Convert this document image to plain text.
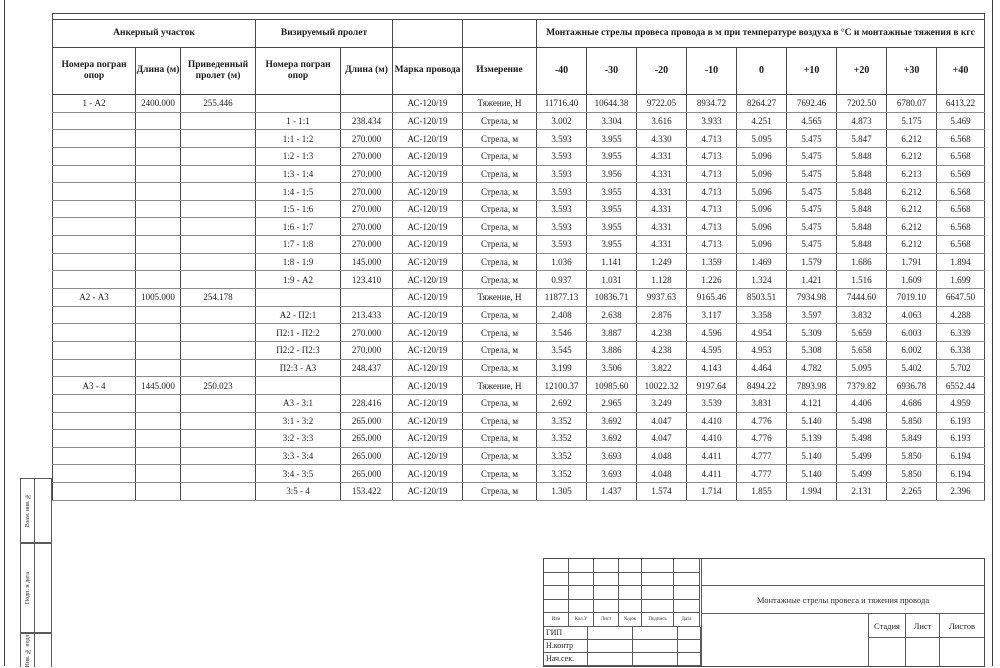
Анкерный участок			Визируемый пролет				Монтажные стрелы провеса провода в м при температуре воздуха в °С и монтажные тяжения в кгс								
Номера погран опор	Длина (м)	Приведенный пролет (м)	Номера погран опор	Длина (м)	Марка провода	Измерение	-40	-30	-20	-10	0	+10	+20	+30	+40
1 - А2	2400.000	255.446			АС-120/19	Тяжение, Н	11716.40	10644.38	9722.05	8934.72	8264.27	7692.46	7202.50	6780.07	6413.22
			1 - 1:1	238.434	АС-120/19	Стрела, м	3.002	3.304	3.616	3.933	4.251	4.565	4.873	5.175	5.469
			1:1 - 1:2	270.000	АС-120/19	Стрела, м	3.593	3.955	4.330	4.713	5.095	5.475	5.847	6.212	6.568
			1:2 - 1:3	270.000	АС-120/19	Стрела, м	3.593	3.955	4.331	4.713	5.096	5.475	5.848	6.212	6.568
			1:3 - 1:4	270.000	АС-120/19	Стрела, м	3.593	3.956	4.331	4.713	5.096	5.475	5.848	6.213	6.569
			1:4 - 1:5	270.000	АС-120/19	Стрела, м	3.593	3.955	4.331	4.713	5.096	5.475	5.848	6.212	6.568
			1:5 - 1:6	270.000	АС-120/19	Стрела, м	3.593	3.955	4.331	4.713	5.096	5.475	5.848	6.212	6.568
			1:6 - 1:7	270.000	АС-120/19	Стрела, м	3.593	3.955	4.331	4.713	5.096	5.475	5.848	6.212	6.568
			1:7 - 1:8	270.000	АС-120/19	Стрела, м	3.593	3.955	4.331	4.713	5.096	5.475	5.848	6.212	6.568
			1:8 - 1:9	145.000	АС-120/19	Стрела, м	1.036	1.141	1.249	1.359	1.469	1.579	1.686	1.791	1.894
			1:9 - А2	123.410	АС-120/19	Стрела, м	0.937	1.031	1.128	1.226	1.324	1.421	1.516	1.609	1.699
А2 - А3	1005.000	254.178			АС-120/19	Тяжение, Н	11877.13	10836.71	9937.63	9165.46	8503.51	7934.98	7444.60	7019.10	6647.50
			А2 - П2:1	213.433	АС-120/19	Стрела, м	2.408	2.638	2.876	3.117	3.358	3.597	3.832	4.063	4.288
			П2:1 - П2:2	270.000	АС-120/19	Стрела, м	3.546	3.887	4.238	4.596	4.954	5.309	5.659	6.003	6.339
			П2:2 - П2:3	270.000	АС-120/19	Стрела, м	3.545	3.886	4.238	4.595	4.953	5.308	5.658	6.002	6.338
			П2:3 - А3	248.437	АС-120/19	Стрела, м	3.199	3.506	3.822	4.143	4.464	4.782	5.095	5.402	5.702
А3 - 4	1445.000	250.023			АС-120/19	Тяжение, Н	12100.37	10985.60	10022.32	9197.64	8494.22	7893.98	7379.82	6936.78	6552.44
			А3 - 3:1	228.416	АС-120/19	Стрела, м	2.692	2.965	3.249	3.539	3.831	4.121	4.406	4.686	4.959
			3:1 - 3:2	265.000	АС-120/19	Стрела, м	3.352	3.692	4.047	4.410	4.776	5.140	5.498	5.850	6.193
			3:2 - 3:3	265.000	АС-120/19	Стрела, м	3.352	3.692	4.047	4.410	4.776	5.139	5.498	5.849	6.193
			3:3 - 3:4	265.000	АС-120/19	Стрела, м	3.352	3.693	4.048	4.411	4.777	5.140	5.499	5.850	6.194
			3:4 - 3:5	265.000	АС-120/19	Стрела, м	3.352	3.693	4.048	4.411	4.777	5.140	5.499	5.850	6.194
			3:5 - 4	153.422	АС-120/19	Стрела, м	1.305	1.437	1.574	1.714	1.855	1.994	2.131	2.265	2.396
Взам. инв. №
Подп. и дата
Инв. № подл.
Изм	Кол.У	Лист	№док	Подпись	Дата
ГИП
Н.контр
Нач.сек.
Монтажные стрелы провеса и тяжения провода
Стадия	Лист	Листов
